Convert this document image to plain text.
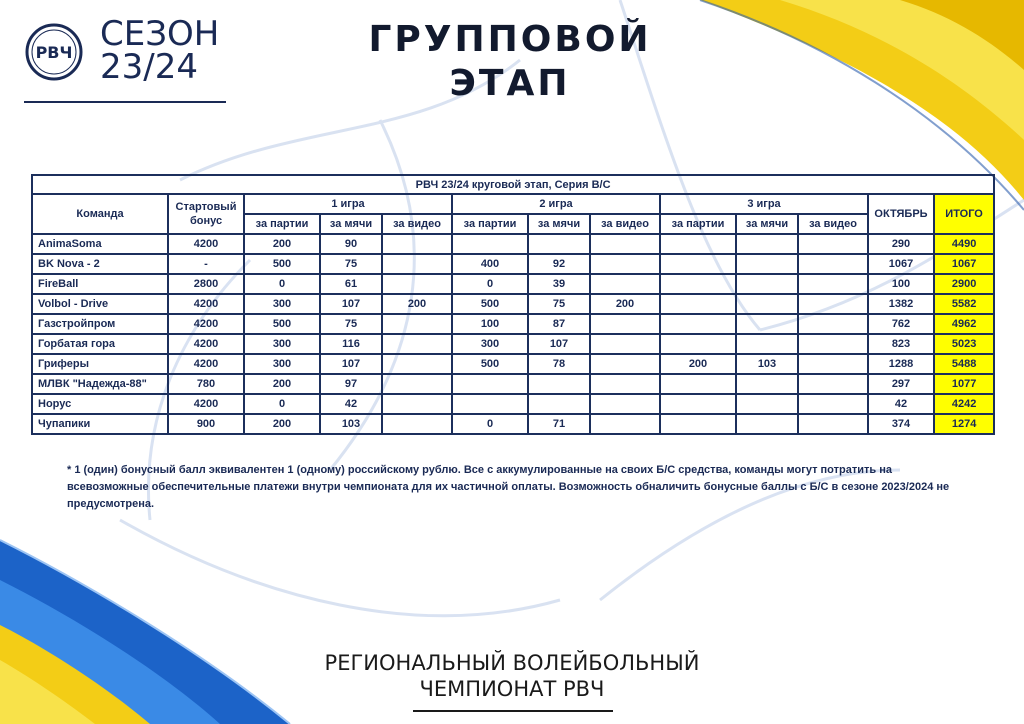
РВЧ СЕЗОН
23/24
ГРУППОВОЙ
ЭТАП
РВЧ 23/24 круговой этап, Серия В/С												
Команда	Стартовый бонус	1 игра			2 игра			3 игра			ОКТЯБРЬ	ИТОГО
		за партии	за мячи	за видео	за партии	за мячи	за видео	за партии	за мячи	за видео		
AnimaSoma	4200	200	90								290	4490
BK Nova - 2	-	500	75		400	92					1067	1067
FireBall	2800	0	61		0	39					100	2900
Volbol - Drive	4200	300	107	200	500	75	200				1382	5582
Газстройпром	4200	500	75		100	87					762	4962
Горбатая гора	4200	300	116		300	107					823	5023
Гриферы	4200	300	107		500	78		200	103		1288	5488
МЛВК "Надежда-88"	780	200	97								297	1077
Норус	4200	0	42								42	4242
Чупапики	900	200	103		0	71					374	1274
* 1 (один) бонусный балл эквивалентен 1 (одному) российскому рублю. Все с аккумулированные на своих Б/С средства, команды могут потратить на всевозможные обеспечительные платежи внутри чемпионата для их частичной оплаты. Возможность обналичить бонусные баллы с Б/С в сезоне 2023/2024 не предусмотрена.
РЕГИОНАЛЬНЫЙ ВОЛЕЙБОЛЬНЫЙ
ЧЕМПИОНАТ РВЧ
